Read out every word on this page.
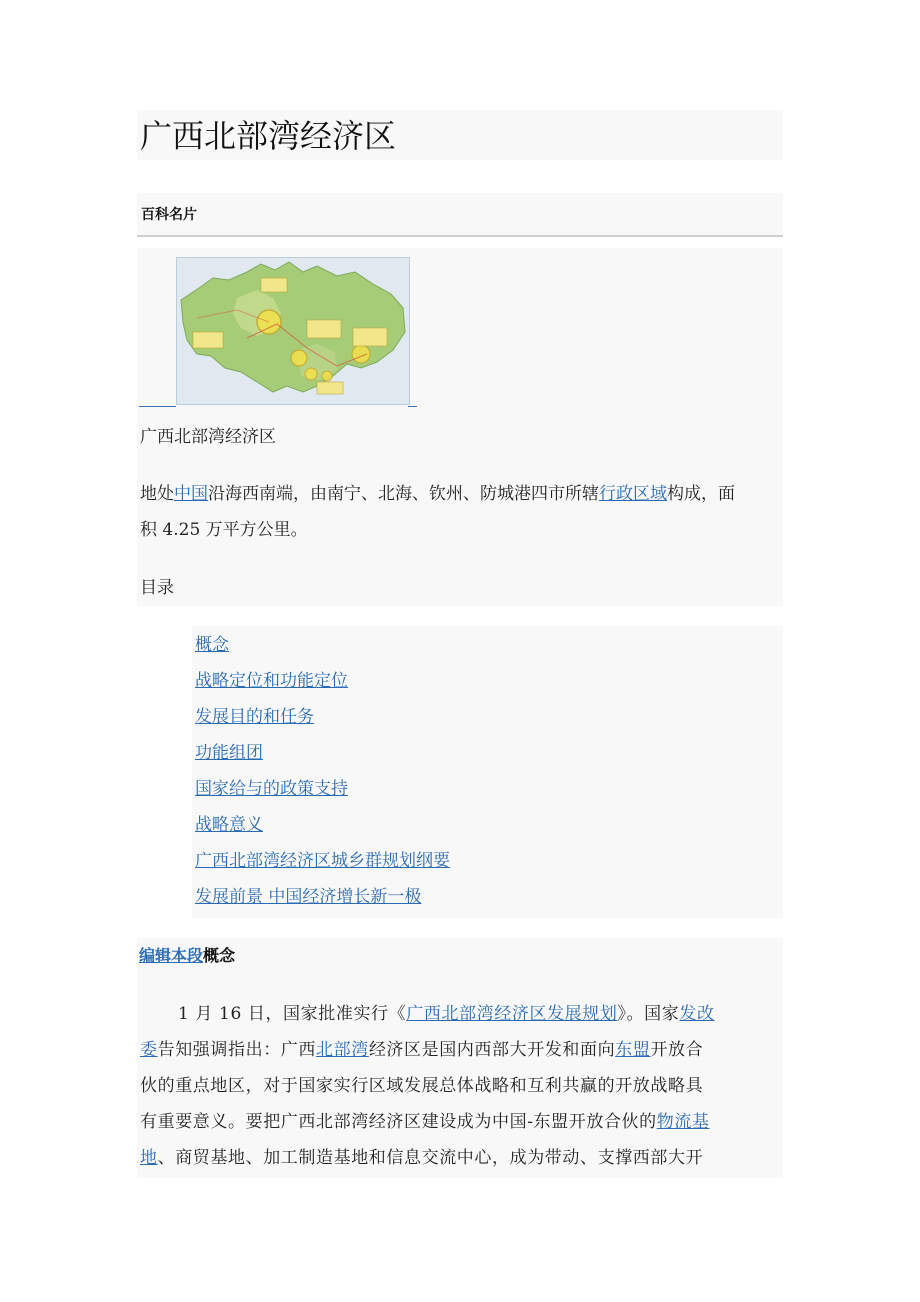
广西北部湾经济区
百科名片
广西北部湾经济区
地处中国沿海西南端，由南宁、北海、钦州、防城港四市所辖行政区域构成，面
积 4.25 万平方公里。
目录
概念
战略定位和功能定位
发展目的和任务
功能组团
国家给与的政策支持
战略意义
广西北部湾经济区城乡群规划纲要
发展前景 中国经济增长新一极
编辑本段概念
1 月 16 日，国家批准实行《广西北部湾经济区发展规划》。国家发改
委告知强调指出：广西北部湾经济区是国内西部大开发和面向东盟开放合
伙的重点地区，对于国家实行区域发展总体战略和互利共赢的开放战略具
有重要意义。要把广西北部湾经济区建设成为中国-东盟开放合伙的物流基
地、商贸基地、加工制造基地和信息交流中心，成为带动、支撑西部大开
